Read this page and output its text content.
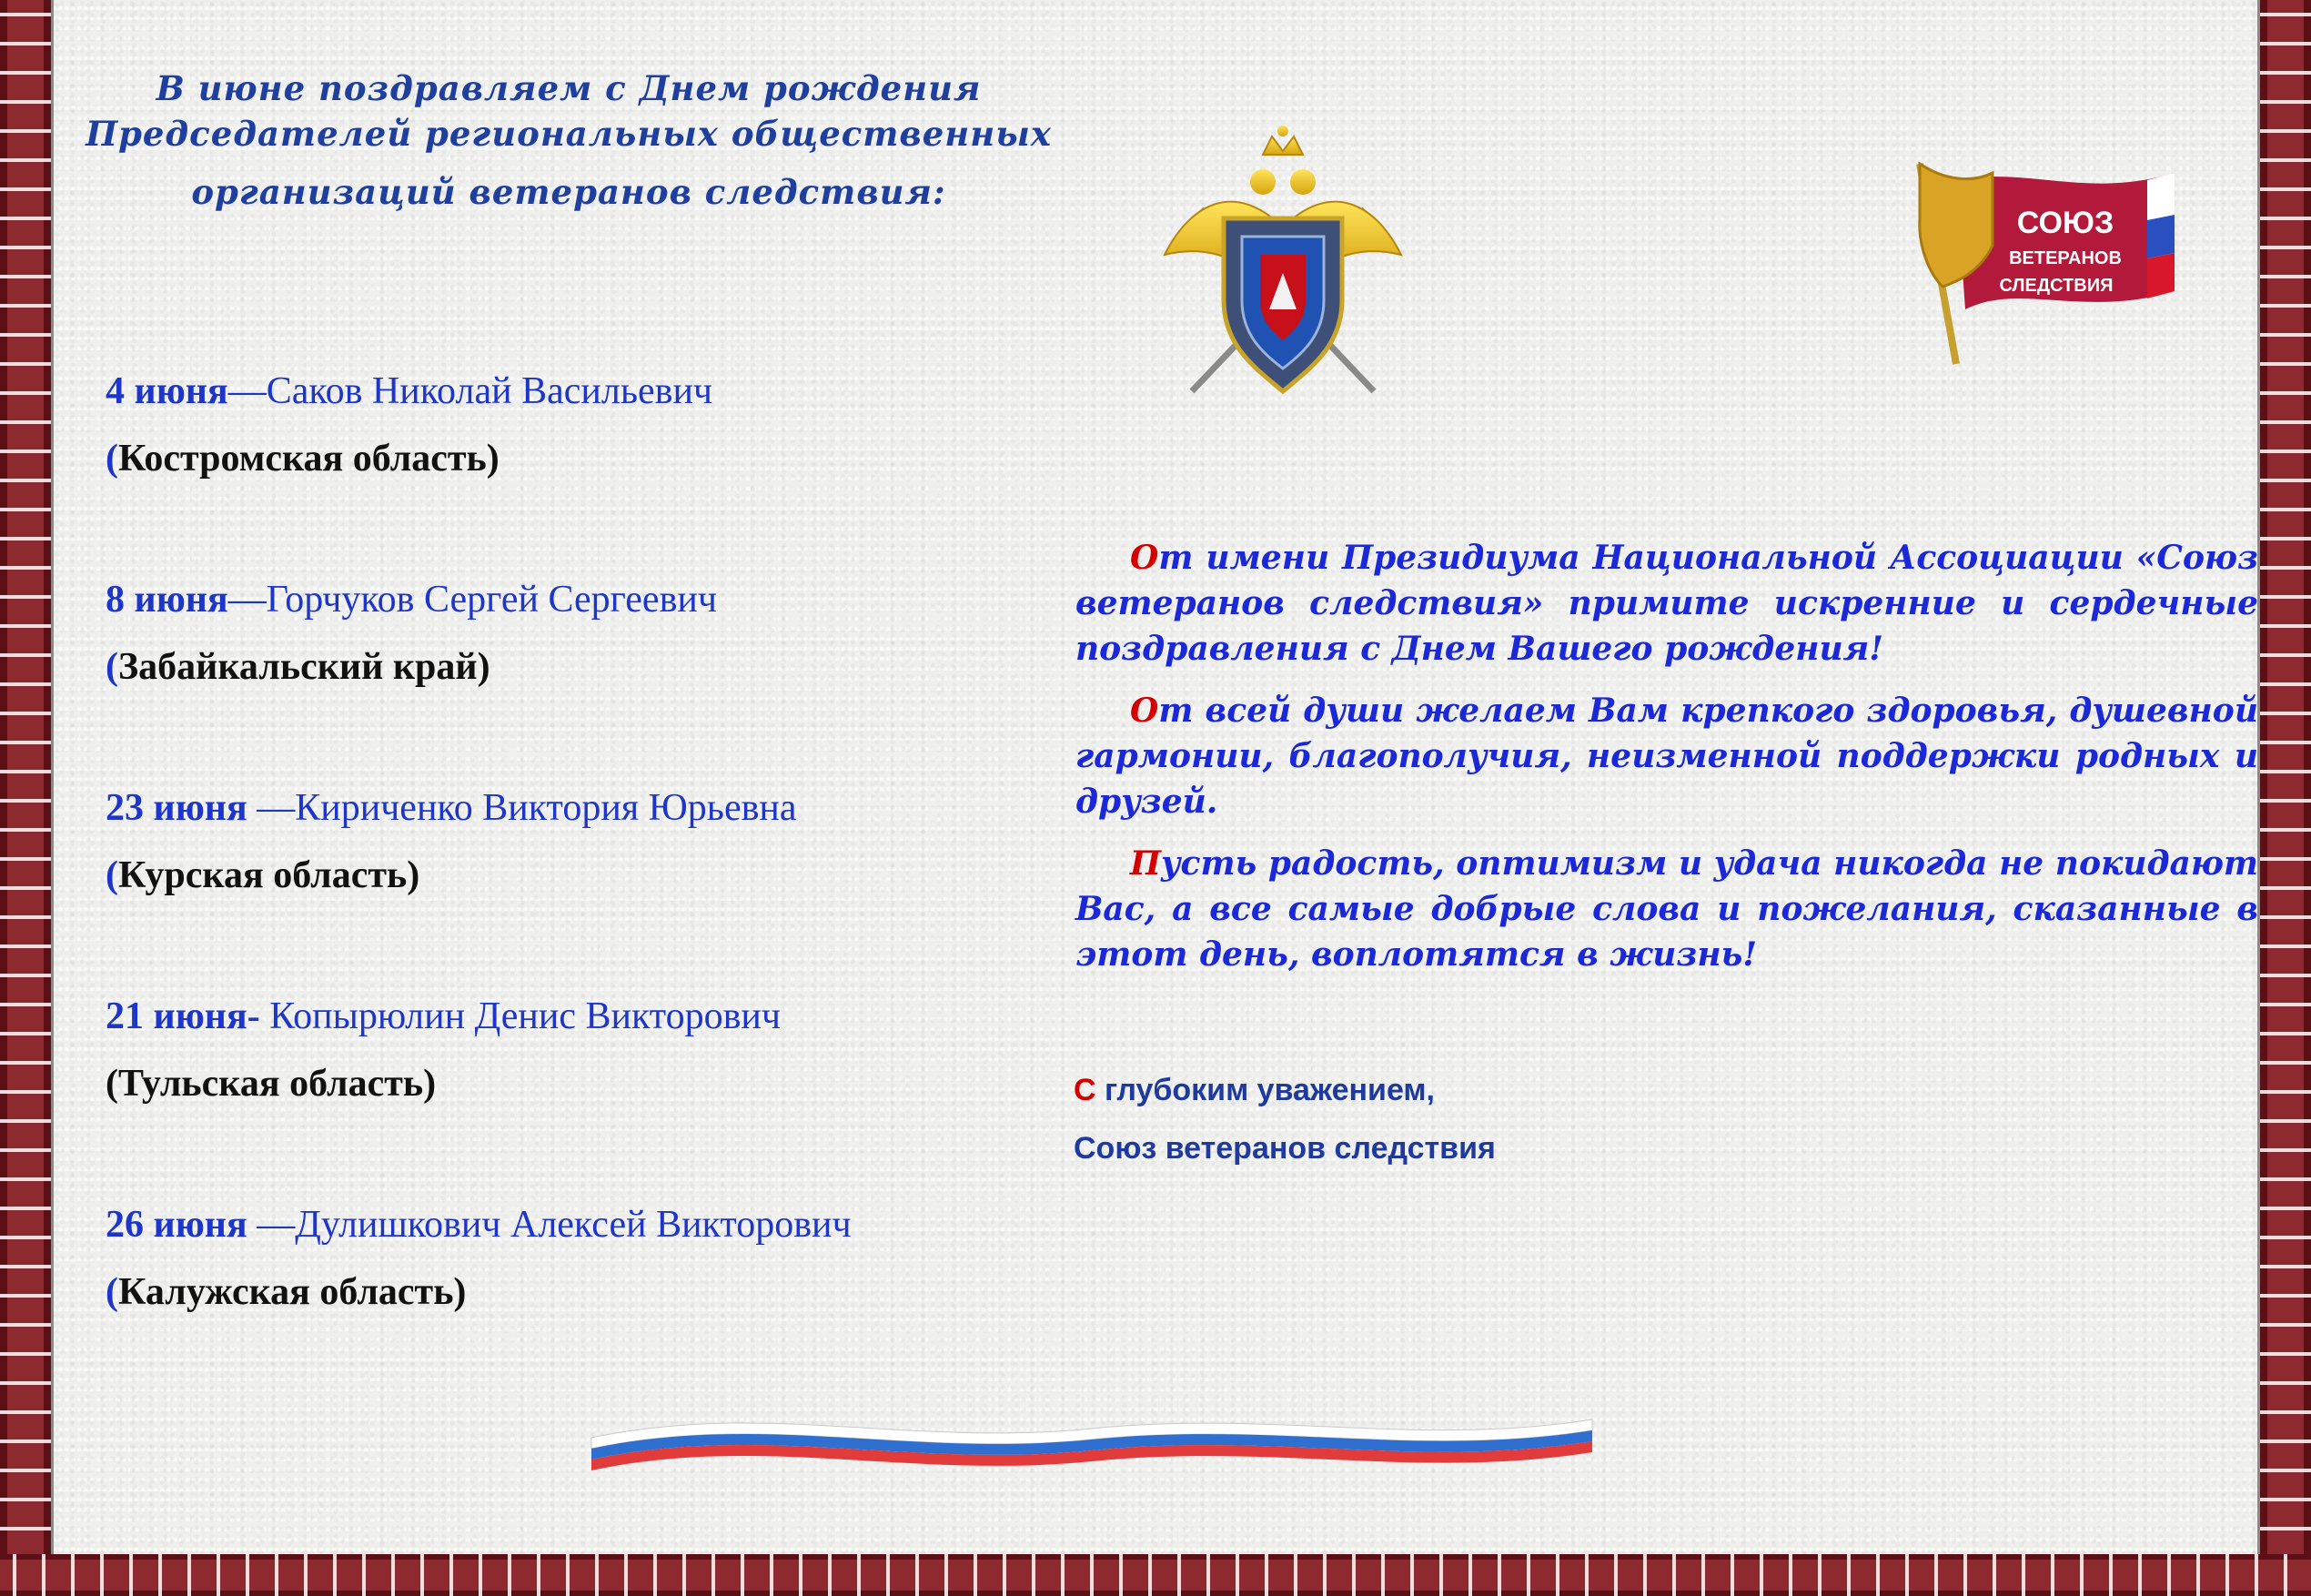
В июне поздравляем с Днем рождения
Председателей региональных общественных
организаций ветеранов следствия:
4 июня—Саков Николай Васильевич
(Костромская область)
8 июня—Горчуков Сергей Сергеевич
(Забайкальский край)
23 июня —Кириченко Виктория Юрьевна
(Курская область)
21 июня- Копырюлин Денис Викторович
(Тульская область)
26 июня —Дулишкович Алексей Викторович
(Калужская область)

От имени Президиума Национальной Ассоциации «Союз ветеранов следствия» примите искренние и сердечные поздравления с Днем Вашего рождения!

От всей души желаем Вам крепкого здоровья, душевной гармонии, благополучия, неизменной поддержки родных и друзей.

Пусть радость, оптимизм и удача никогда не покидают Вас, а все самые добрые слова и пожелания, сказанные в этот день, воплотятся в жизнь!

С глубоким уважением,
Союз ветеранов следствия
СОЮЗ
ВЕТЕРАНОВ
СЛЕДСТВИЯ
